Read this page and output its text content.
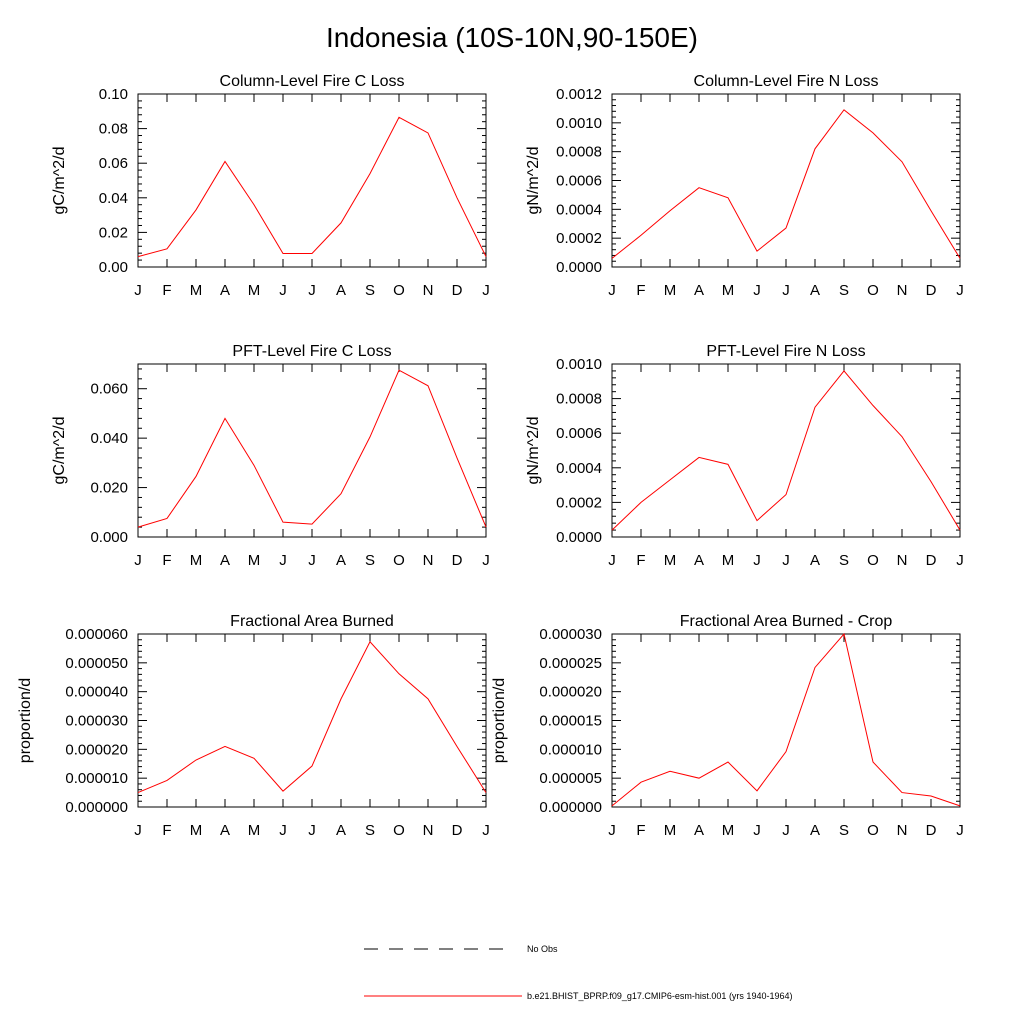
Indonesia (10S-10N,90-150E)
Column-Level Fire C Loss
J F M A M J J A S O N D J
0.00
0.02
0.04
0.06
0.08
0.10
gC/m^2/d
Column-Level Fire N Loss
J F M A M J J A S O N D J
0.0000
0.0002
0.0004
0.0006
0.0008
0.0010
0.0012
gN/m^2/d
PFT-Level Fire C Loss
J F M A M J J A S O N D J
0.000
0.020
0.040
0.060
gC/m^2/d
PFT-Level Fire N Loss
J F M A M J J A S O N D J
0.0000
0.0002
0.0004
0.0006
0.0008
0.0010
gN/m^2/d
Fractional Area Burned
J F M A M J J A S O N D J
0.000000
0.000010
0.000020
0.000030
0.000040
0.000050
0.000060
proportion/d
Fractional Area Burned - Crop
J F M A M J J A S O N D J
0.000000
0.000005
0.000010
0.000015
0.000020
0.000025
0.000030
proportion/d
No Obs
b.e21.BHIST_BPRP.f09_g17.CMIP6-esm-hist.001 (yrs 1940-1964)
